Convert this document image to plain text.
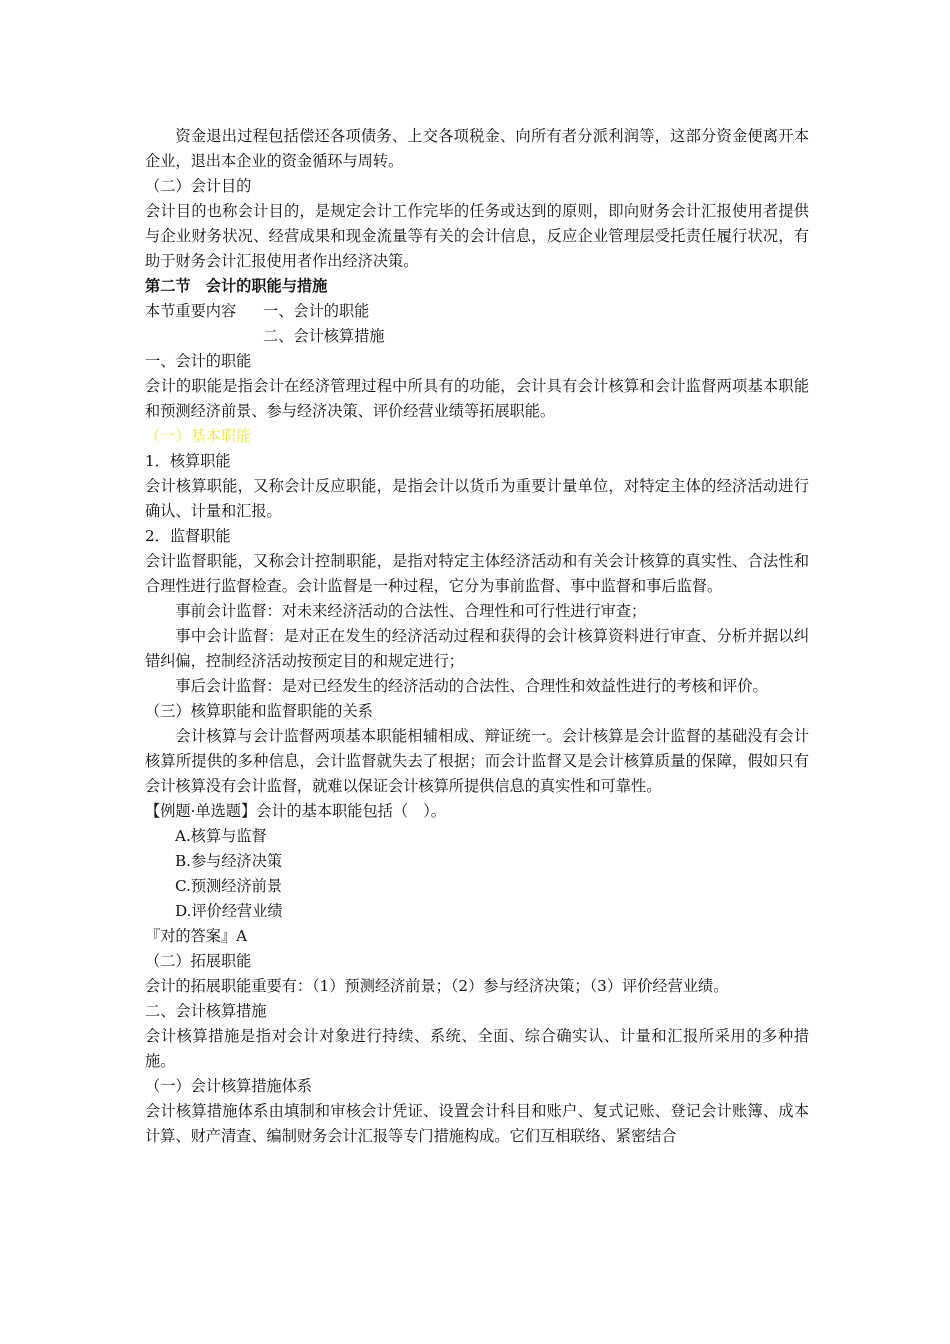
资金退出过程包括偿还各项债务、上交各项税金、向所有者分派利润等，这部分资金便离开本企业，退出本企业的资金循环与周转。

（二）会计目的

会计目的也称会计目的，是规定会计工作完毕的任务或达到的原则，即向财务会计汇报使用者提供与企业财务状况、经营成果和现金流量等有关的会计信息，反应企业管理层受托责任履行状况，有助于财务会计汇报使用者作出经济决策。

第二节　会计的职能与措施

本节重要内容	一、会计的职能
二、会计核算措施

一、会计的职能

会计的职能是指会计在经济管理过程中所具有的功能，会计具有会计核算和会计监督两项基本职能和预测经济前景、参与经济决策、评价经营业绩等拓展职能。

（一）基本职能

1．核算职能

会计核算职能，又称会计反应职能，是指会计以货币为重要计量单位，对特定主体的经济活动进行确认、计量和汇报。

2．监督职能

会计监督职能，又称会计控制职能，是指对特定主体经济活动和有关会计核算的真实性、合法性和合理性进行监督检查。会计监督是一种过程，它分为事前监督、事中监督和事后监督。

事前会计监督：对未来经济活动的合法性、合理性和可行性进行审查；

事中会计监督：是对正在发生的经济活动过程和获得的会计核算资料进行审查、分析并据以纠错纠偏，控制经济活动按预定目的和规定进行；

事后会计监督：是对已经发生的经济活动的合法性、合理性和效益性进行的考核和评价。

（三）核算职能和监督职能的关系

会计核算与会计监督两项基本职能相辅相成、辩证统一。会计核算是会计监督的基础没有会计核算所提供的多种信息，会计监督就失去了根据；而会计监督又是会计核算质量的保障，假如只有会计核算没有会计监督，就难以保证会计核算所提供信息的真实性和可靠性。

【例题·单选题】会计的基本职能包括（　）。

A.核算与监督

B.参与经济决策

C.预测经济前景

D.评价经营业绩

『对的答案』A

（二）拓展职能

会计的拓展职能重要有：（1）预测经济前景；（2）参与经济决策；（3）评价经营业绩。

二、会计核算措施

会计核算措施是指对会计对象进行持续、系统、全面、综合确实认、计量和汇报所采用的多种措施。

（一）会计核算措施体系

会计核算措施体系由填制和审核会计凭证、设置会计科目和账户、复式记账、登记会计账簿、成本计算、财产清查、编制财务会计汇报等专门措施构成。它们互相联络、紧密结合
